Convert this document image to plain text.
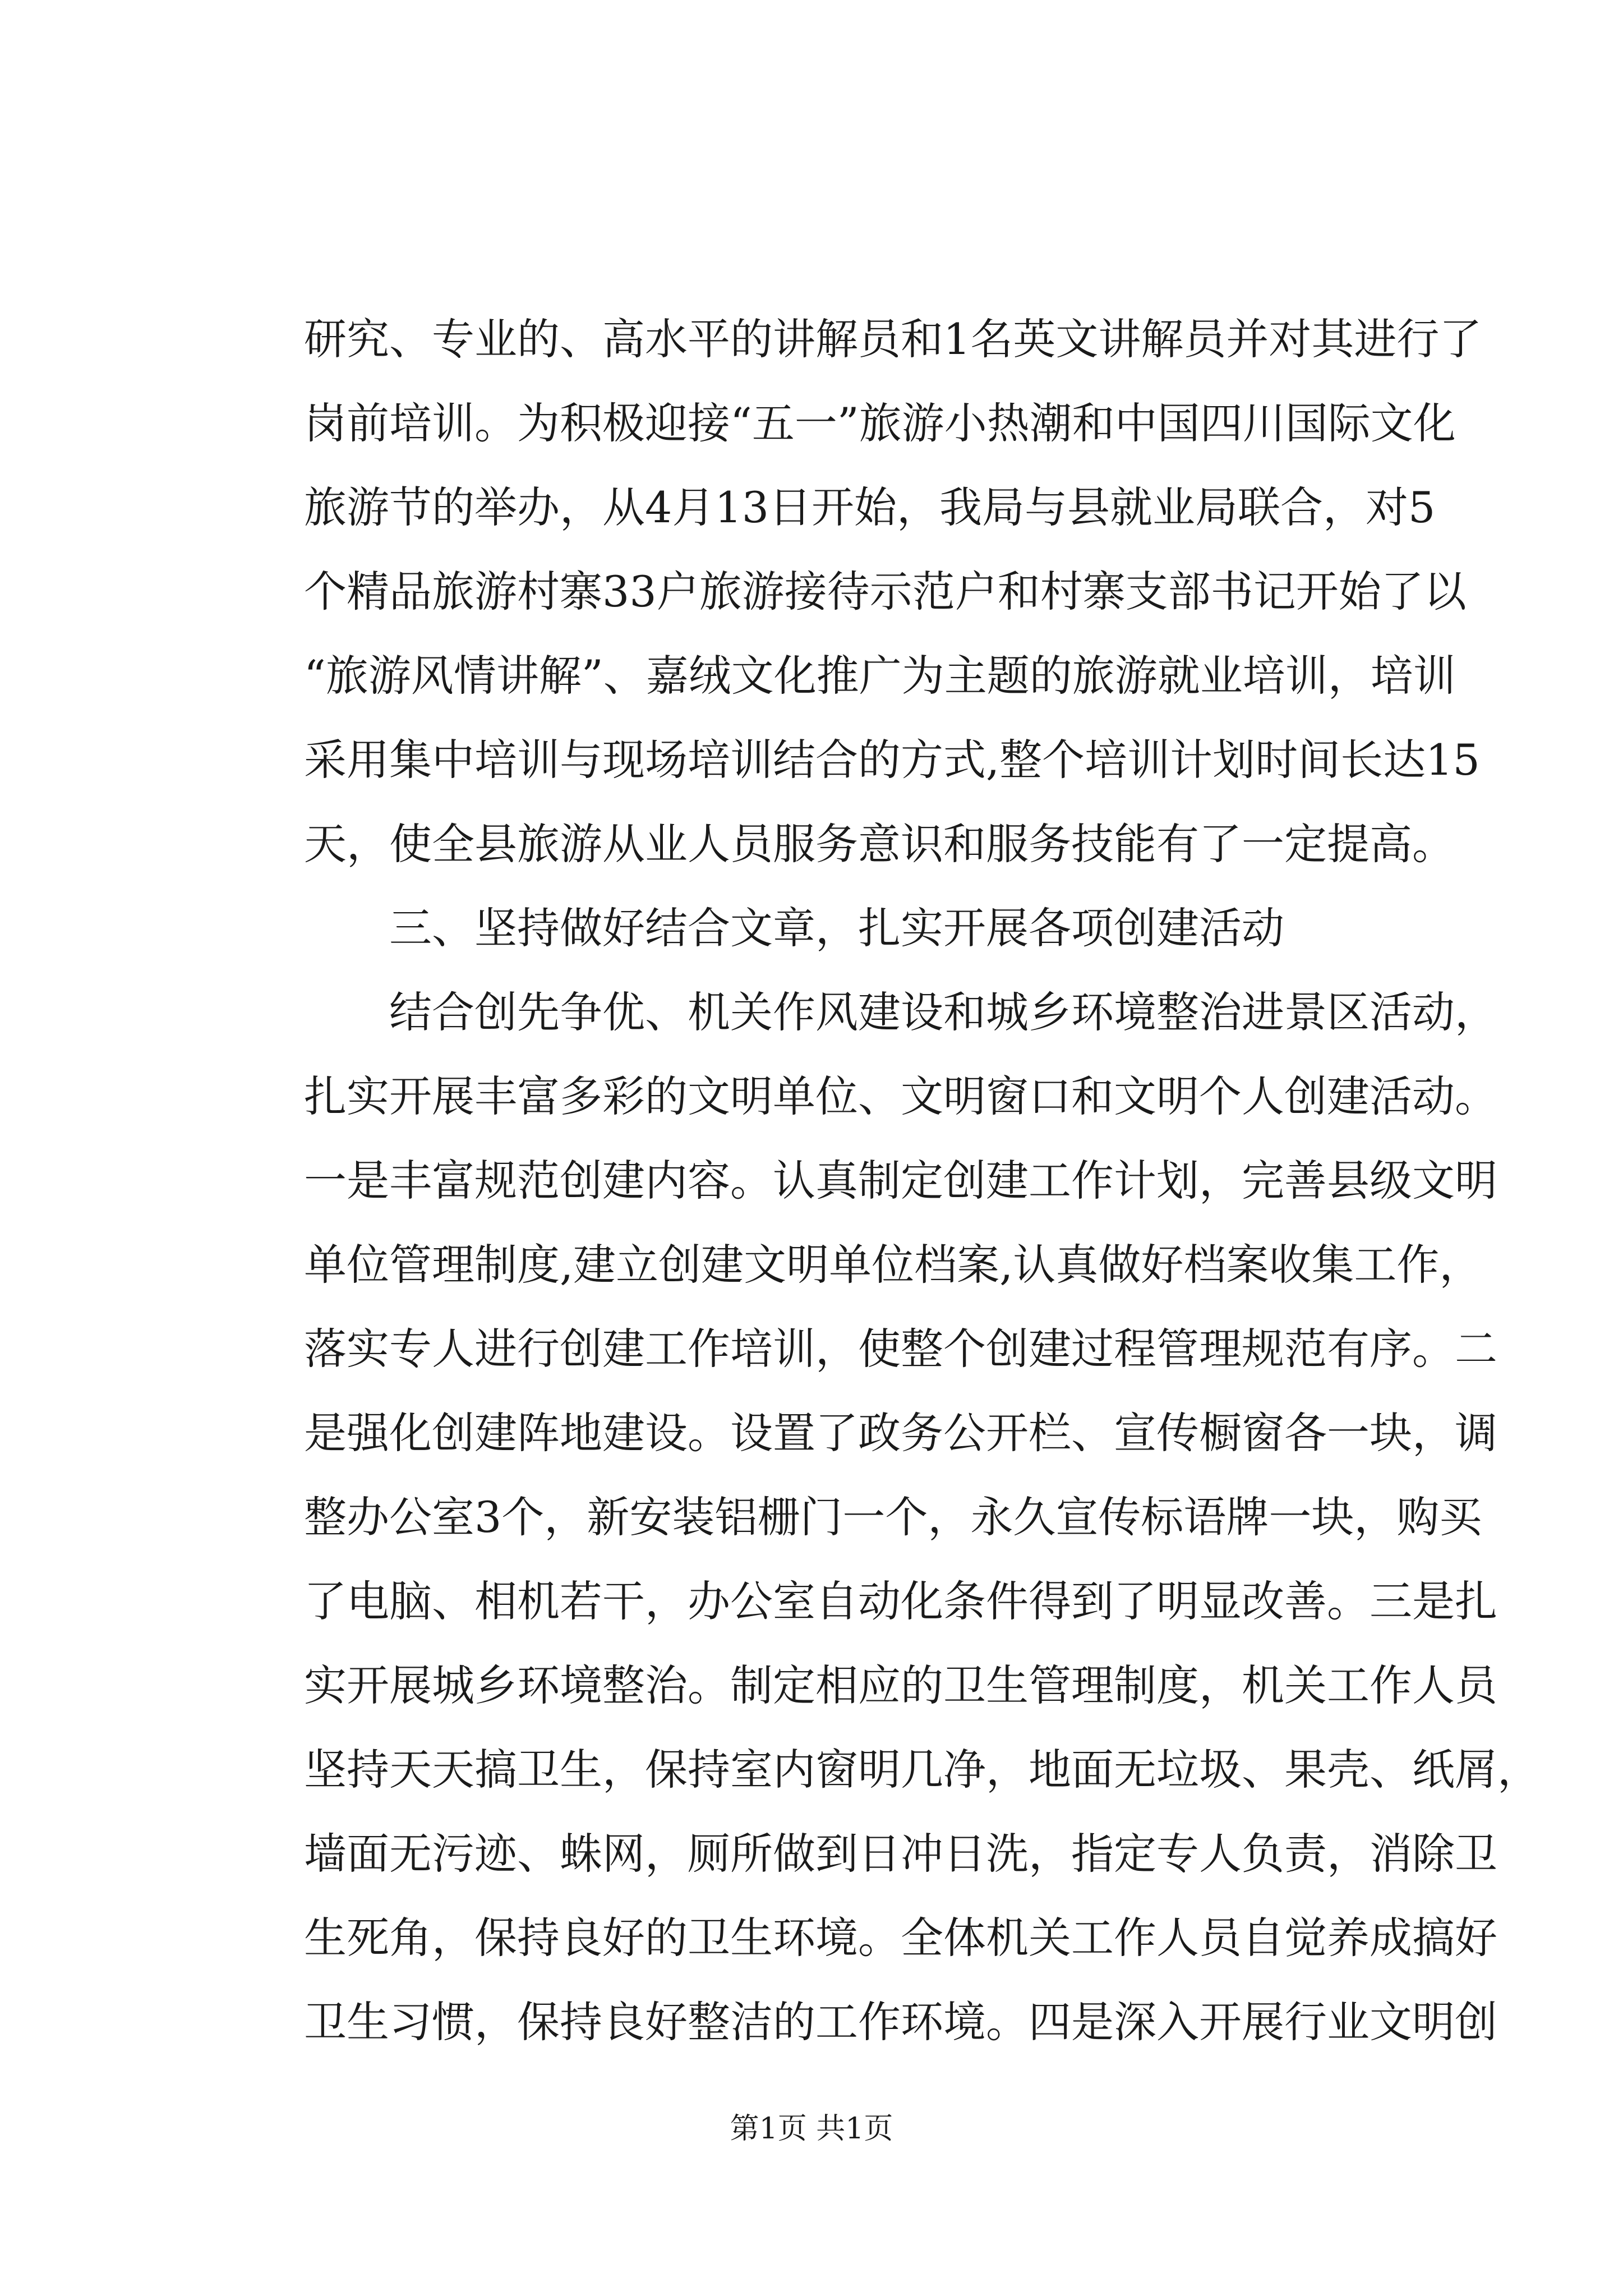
研究、专业的、高水平的讲解员和1名英文讲解员并对其进行了
岗前培训。为积极迎接“五一”旅游小热潮和中国四川国际文化
旅游节的举办，从4月13日开始，我局与县就业局联合，对5
个精品旅游村寨33户旅游接待示范户和村寨支部书记开始了以
“旅游风情讲解”、嘉绒文化推广为主题的旅游就业培训，培训
采用集中培训与现场培训结合的方式,整个培训计划时间长达15
天，使全县旅游从业人员服务意识和服务技能有了一定提高。
三、坚持做好结合文章，扎实开展各项创建活动
结合创先争优、机关作风建设和城乡环境整治进景区活动，
扎实开展丰富多彩的文明单位、文明窗口和文明个人创建活动。
一是丰富规范创建内容。认真制定创建工作计划，完善县级文明
单位管理制度,建立创建文明单位档案,认真做好档案收集工作，
落实专人进行创建工作培训，使整个创建过程管理规范有序。二
是强化创建阵地建设。设置了政务公开栏、宣传橱窗各一块，调
整办公室3个，新安装铝栅门一个，永久宣传标语牌一块，购买
了电脑、相机若干，办公室自动化条件得到了明显改善。三是扎
实开展城乡环境整治。制定相应的卫生管理制度，机关工作人员
坚持天天搞卫生，保持室内窗明几净，地面无垃圾、果壳、纸屑，
墙面无污迹、蛛网，厕所做到日冲日洗，指定专人负责，消除卫
生死角，保持良好的卫生环境。全体机关工作人员自觉养成搞好
卫生习惯，保持良好整洁的工作环境。四是深入开展行业文明创
第1页 共1页
